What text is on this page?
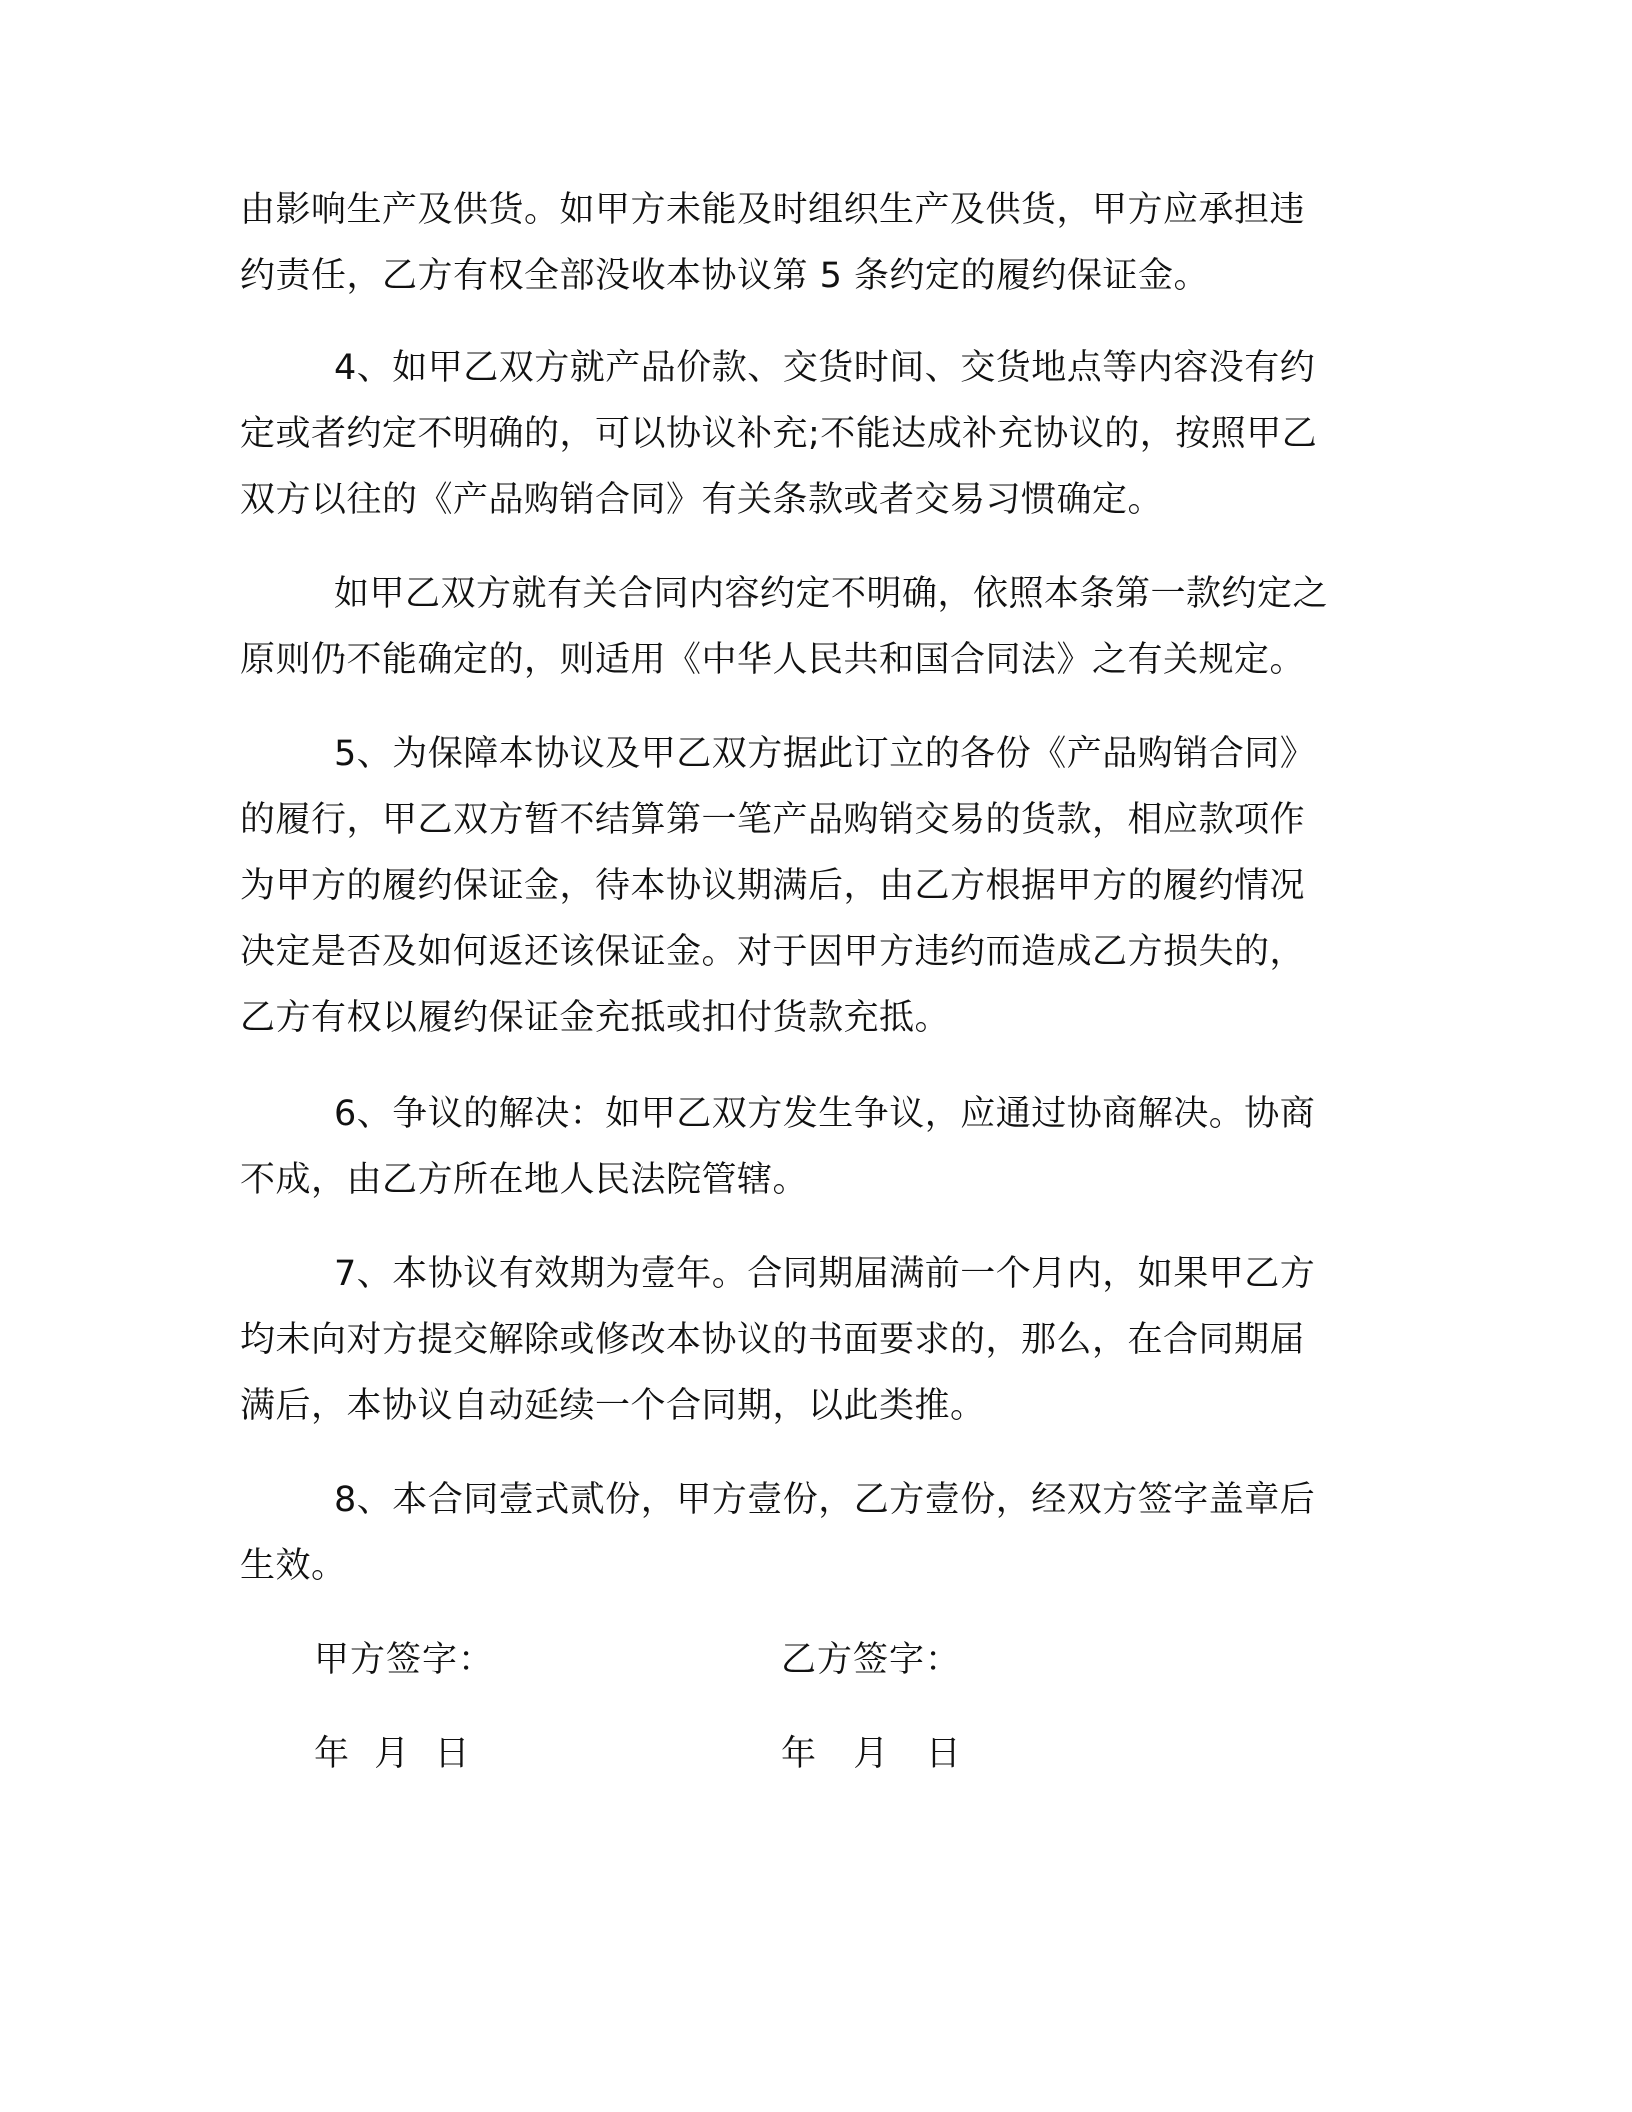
由影响生产及供货。如甲方未能及时组织生产及供货，甲方应承担违
约责任，乙方有权全部没收本协议第 5 条约定的履约保证金。
4、如甲乙双方就产品价款、交货时间、交货地点等内容没有约
定或者约定不明确的，可以协议补充;不能达成补充协议的，按照甲乙
双方以往的《产品购销合同》有关条款或者交易习惯确定。
如甲乙双方就有关合同内容约定不明确，依照本条第一款约定之
原则仍不能确定的，则适用《中华人民共和国合同法》之有关规定。
5、为保障本协议及甲乙双方据此订立的各份《产品购销合同》
的履行，甲乙双方暂不结算第一笔产品购销交易的货款，相应款项作
为甲方的履约保证金，待本协议期满后，由乙方根据甲方的履约情况
决定是否及如何返还该保证金。对于因甲方违约而造成乙方损失的，
乙方有权以履约保证金充抵或扣付货款充抵。
6、争议的解决：如甲乙双方发生争议，应通过协商解决。协商
不成，由乙方所在地人民法院管辖。
7、本协议有效期为壹年。合同期届满前一个月内，如果甲乙方
均未向对方提交解除或修改本协议的书面要求的，那么，在合同期届
满后，本协议自动延续一个合同期，以此类推。
8、本合同壹式贰份，甲方壹份，乙方壹份，经双方签字盖章后
生效。
甲方签字：	乙方签字：
年  月  日	年   月   日
